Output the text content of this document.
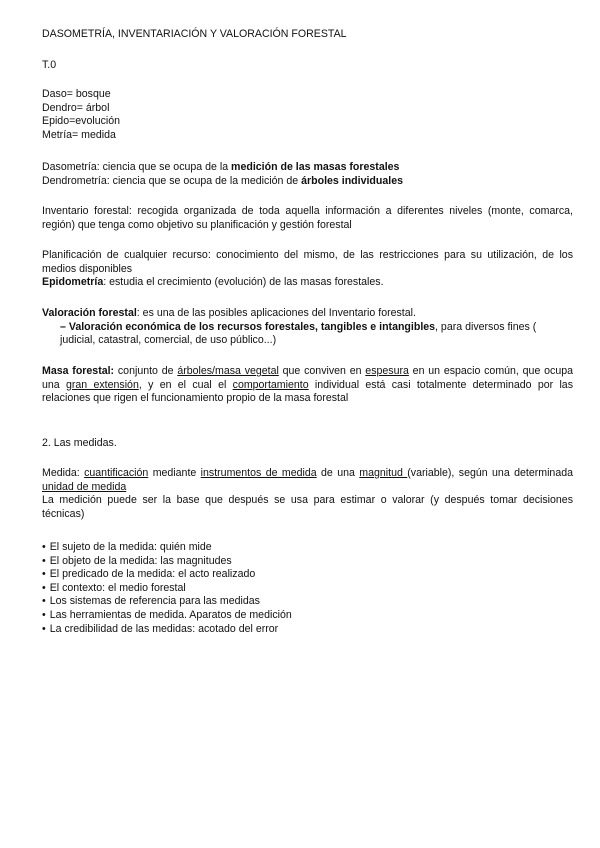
DASOMETRÍA, INVENTARIACIÓN Y VALORACIÓN FORESTAL
T.0
Daso= bosque
Dendro= árbol
Epido=evolución
Metría= medida
Dasometría: ciencia que se ocupa de la medición de las masas forestales
Dendrometría: ciencia que se ocupa de la medición de árboles individuales
Inventario forestal: recogida organizada de toda aquella información a diferentes niveles (monte, comarca, región) que tenga como objetivo su planificación y gestión forestal
Planificación de cualquier recurso: conocimiento del mismo, de las restricciones para su utilización, de los medios disponibles
Epidometría: estudia el crecimiento (evolución) de las masas forestales.
Valoración forestal: es una de las posibles aplicaciones del Inventario forestal.
– Valoración económica de los recursos forestales, tangibles e intangibles, para diversos fines ( judicial, catastral, comercial, de uso público...)
Masa forestal: conjunto de árboles/masa vegetal que conviven en espesura en un espacio común, que ocupa una gran extensión, y en el cual el comportamiento individual está casi totalmente determinado por las relaciones que rigen el funcionamiento propio de la masa forestal
2. Las medidas.
Medida: cuantificación mediante instrumentos de medida de una magnitud (variable), según una determinada unidad de medida
La medición puede ser la base que después se usa para estimar o valorar (y después tomar decisiones técnicas)
• El sujeto de la medida: quién mide
• El objeto de la medida: las magnitudes
• El predicado de la medida: el acto realizado
• El contexto: el medio forestal
• Los sistemas de referencia para las medidas
• Las herramientas de medida. Aparatos de medición
• La credibilidad de las medidas: acotado del error
